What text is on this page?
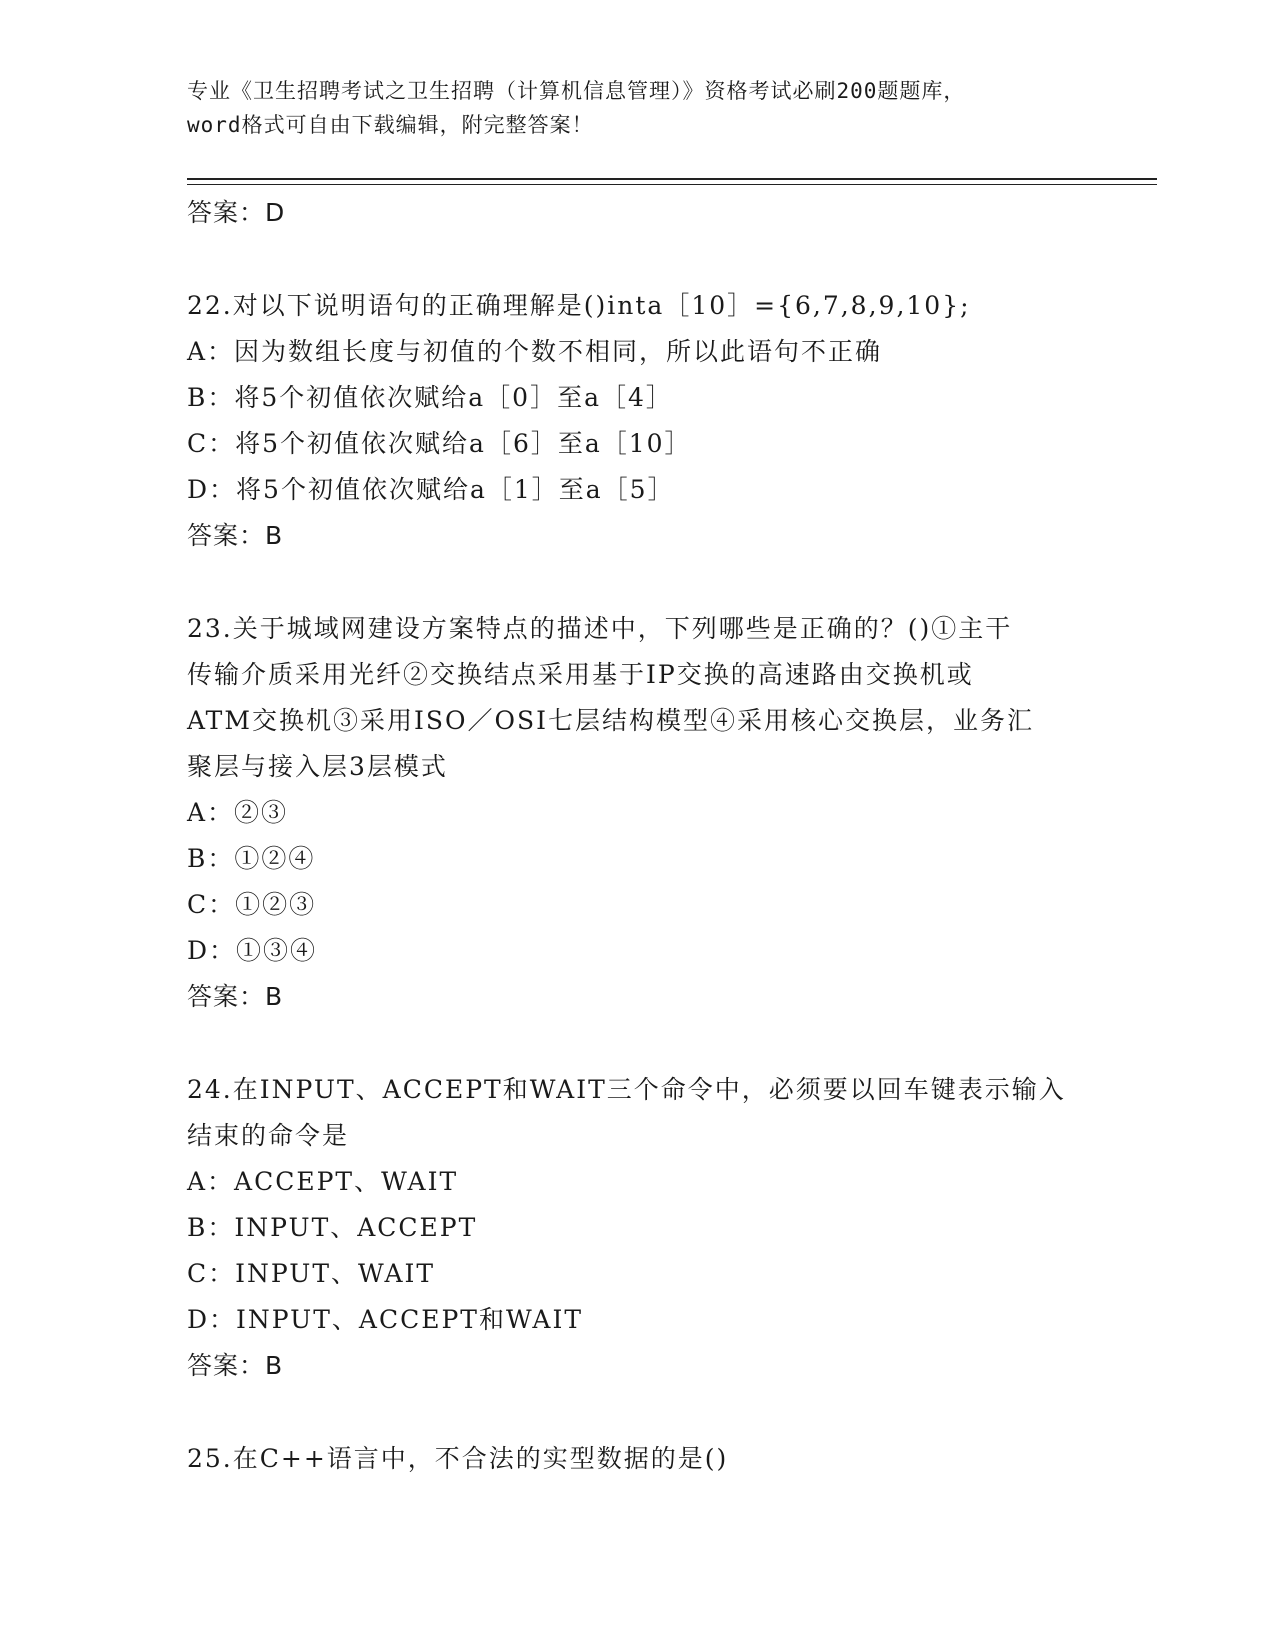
专业《卫生招聘考试之卫生招聘（计算机信息管理）》资格考试必刷200题题库，
word格式可自由下载编辑，附完整答案！
答案：D
22.对以下说明语句的正确理解是()inta［10］={6,7,8,9,10};
A：因为数组长度与初值的个数不相同，所以此语句不正确
B：将5个初值依次赋给a［0］至a［4］
C：将5个初值依次赋给a［6］至a［10］
D：将5个初值依次赋给a［1］至a［5］
答案：B
23.关于城域网建设方案特点的描述中，下列哪些是正确的？()①主干
传输介质采用光纤②交换结点采用基于IP交换的高速路由交换机或
ATM交换机③采用ISO／OSI七层结构模型④采用核心交换层，业务汇
聚层与接入层3层模式
A：②③
B：①②④
C：①②③
D：①③④
答案：B
24.在INPUT、ACCEPT和WAIT三个命令中，必须要以回车键表示输入
结束的命令是
A：ACCEPT、WAIT
B：INPUT、ACCEPT
C：INPUT、WAIT
D：INPUT、ACCEPT和WAIT
答案：B
25.在C++语言中，不合法的实型数据的是()
